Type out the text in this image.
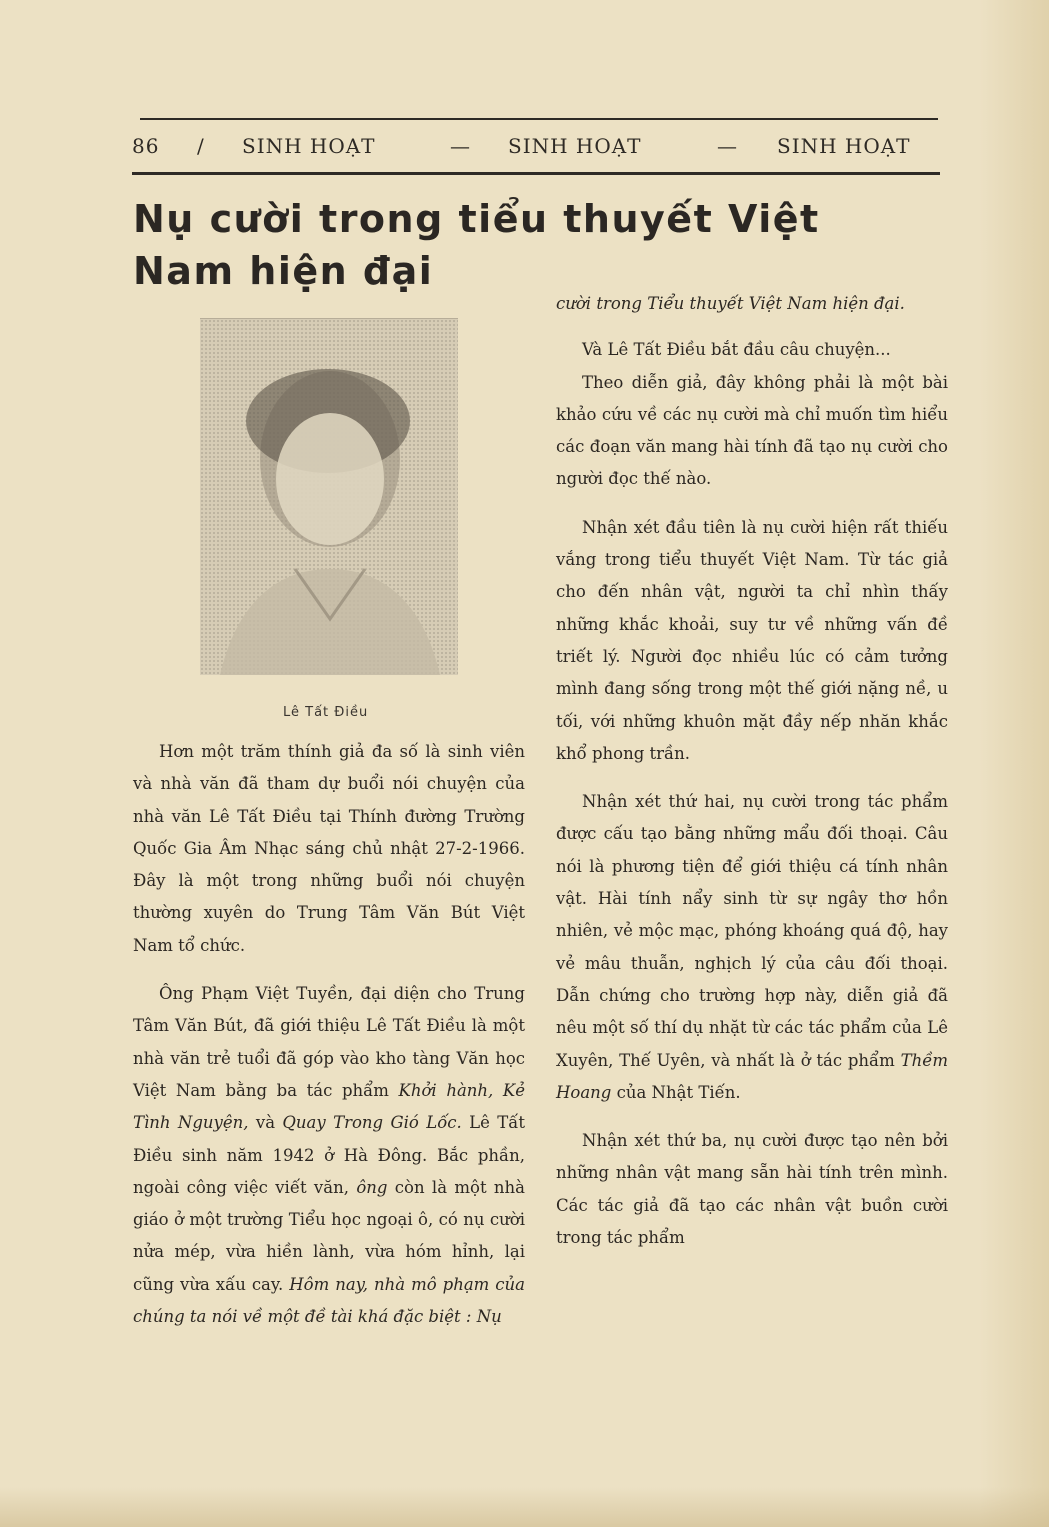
86 / SINH HOẠT	— SINH HOẠT	— SINH HOẠT
Nụ cười trong tiểu thuyết Việt Nam hiện đại
Lê Tất Điều

Hơn một trăm thính giả đa số là sinh viên và nhà văn đã tham dự buổi nói chuyện của nhà văn Lê Tất Điều tại Thính đường Trường Quốc Gia Âm Nhạc sáng chủ nhật 27-2-1966. Đây là một trong những buổi nói chuyện thường xuyên do Trung Tâm Văn Bút Việt Nam tổ chức.

Ông Phạm Việt Tuyền, đại diện cho Trung Tâm Văn Bút, đã giới thiệu Lê Tất Điều là một nhà văn trẻ tuổi đã góp vào kho tàng Văn học Việt Nam bằng ba tác phẩm Khởi hành, Kẻ Tình Nguyện, và Quay Trong Gió Lốc. Lê Tất Điều sinh năm 1942 ở Hà Đông. Bắc phần, ngoài công việc viết văn, ông còn là một nhà giáo ở một trường Tiểu học ngoại ô, có nụ cười nửa mép, vừa hiền lành, vừa hóm hỉnh, lại cũng vừa xấu cay. Hôm nay, nhà mô phạm của chúng ta nói về một đề tài khá đặc biệt : Nụ

cười trong Tiểu thuyết Việt Nam hiện đại.

Và Lê Tất Điều bắt đầu câu chuyện...

Theo diễn giả, đây không phải là một bài khảo cứu về các nụ cười mà chỉ muốn tìm hiểu các đoạn văn mang hài tính đã tạo nụ cười cho người đọc thế nào.

Nhận xét đầu tiên là nụ cười hiện rất thiếu vắng trong tiểu thuyết Việt Nam. Từ tác giả cho đến nhân vật, người ta chỉ nhìn thấy những khắc khoải, suy tư về những vấn đề triết lý. Người đọc nhiều lúc có cảm tưởng mình đang sống trong một thế giới nặng nề, u tối, với những khuôn mặt đầy nếp nhăn khắc khổ phong trần.

Nhận xét thứ hai, nụ cười trong tác phẩm được cấu tạo bằng những mẩu đối thoại. Câu nói là phương tiện để giới thiệu cá tính nhân vật. Hài tính nẩy sinh từ sự ngây thơ hồn nhiên, vẻ mộc mạc, phóng khoáng quá độ, hay vẻ mâu thuẫn, nghịch lý của câu đối thoại. Dẫn chứng cho trường hợp này, diễn giả đã nêu một số thí dụ nhặt từ các tác phẩm của Lê Xuyên, Thế Uyên, và nhất là ở tác phẩm Thềm Hoang của Nhật Tiến.

Nhận xét thứ ba, nụ cười được tạo nên bởi những nhân vật mang sẵn hài tính trên mình. Các tác giả đã tạo các nhân vật buồn cười trong tác phẩm
